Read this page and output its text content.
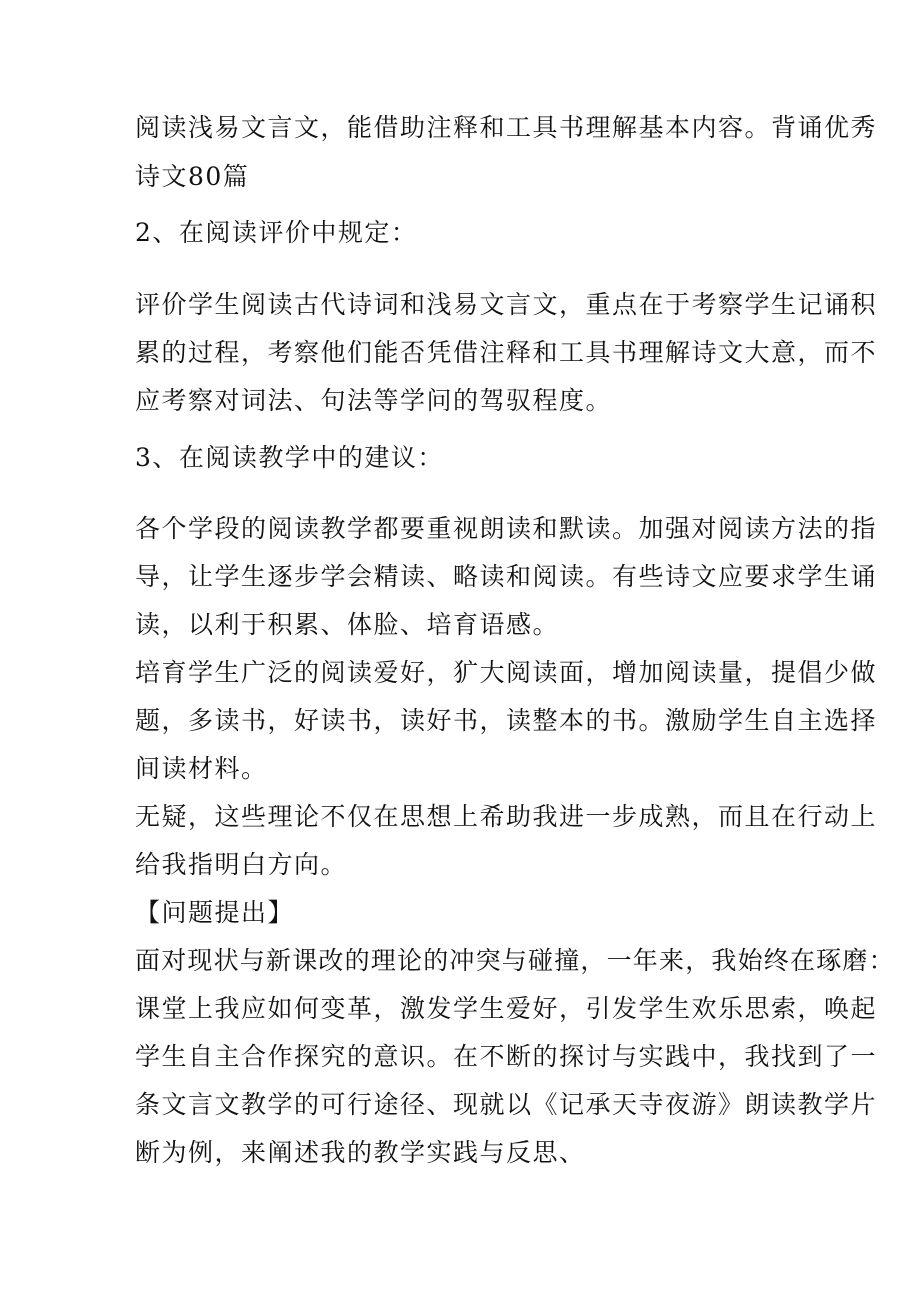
阅读浅易文言文，能借助注释和工具书理解基本内容。背诵优秀
诗文80篇
2、在阅读评价中规定：
评价学生阅读古代诗词和浅易文言文，重点在于考察学生记诵积
累的过程，考察他们能否凭借注释和工具书理解诗文大意，而不
应考察对词法、句法等学问的驾驭程度。
3、在阅读教学中的建议：
各个学段的阅读教学都要重视朗读和默读。加强对阅读方法的指
导，让学生逐步学会精读、略读和阅读。有些诗文应要求学生诵
读，以利于积累、体脸、培育语感。
培育学生广泛的阅读爱好，犷大阅读面，增加阅读量，提倡少做
题，多读书，好读书，读好书，读整本的书。激励学生自主选择
间读材料。
无疑，这些理论不仅在思想上希助我进一步成熟，而且在行动上
给我指明白方向。
【问题提出】
面对现状与新课改的理论的冲突与碰撞，一年来，我始终在琢磨：
课堂上我应如何变革，激发学生爱好，引发学生欢乐思索，唤起
学生自主合作探究的意识。在不断的探讨与实践中，我找到了一
条文言文教学的可行途径、现就以《记承天寺夜游》朗读教学片
断为例，来阐述我的教学实践与反思、
